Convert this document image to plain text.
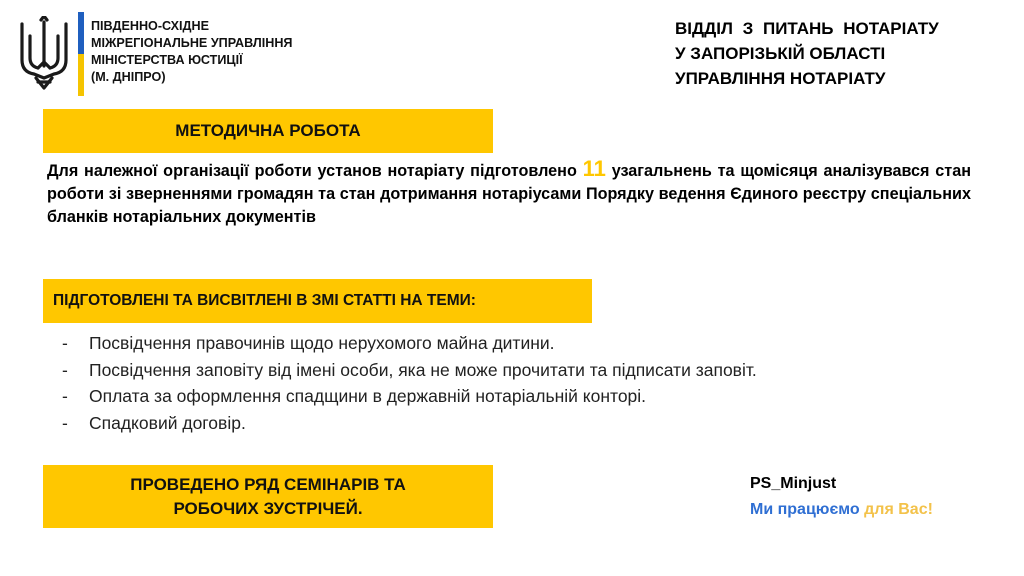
ПІВДЕННО-СХІДНЕ
МІЖРЕГІОНАЛЬНЕ УПРАВЛІННЯ
МІНІСТЕРСТВА ЮСТИЦІЇ
(М. ДНІПРО)
ВІДДІЛ З ПИТАНЬ НОТАРІАТУ
У ЗАПОРІЗЬКІЙ ОБЛАСТІ
УПРАВЛІННЯ НОТАРІАТУ
МЕТОДИЧНА РОБОТА
Для належної організації роботи установ нотаріату підготовлено 11 узагальнень та щомісяця аналізувався стан роботи зі зверненнями громадян та стан дотримання нотаріусами Порядку ведення Єдиного реєстру спеціальних бланків нотаріальних документів
ПІДГОТОВЛЕНІ ТА ВИСВІТЛЕНІ В ЗМІ СТАТТІ НА ТЕМИ:
- Посвідчення правочинів щодо нерухомого майна дитини.
- Посвідчення заповіту від імені особи, яка не може прочитати та підписати заповіт.
- Оплата за оформлення спадщини в державній нотаріальній конторі.
- Спадковий договір.
ПРОВЕДЕНО РЯД СЕМІНАРІВ ТА
РОБОЧИХ ЗУСТРІЧЕЙ.
PS_Minjust
Ми працюємо для Вас!
